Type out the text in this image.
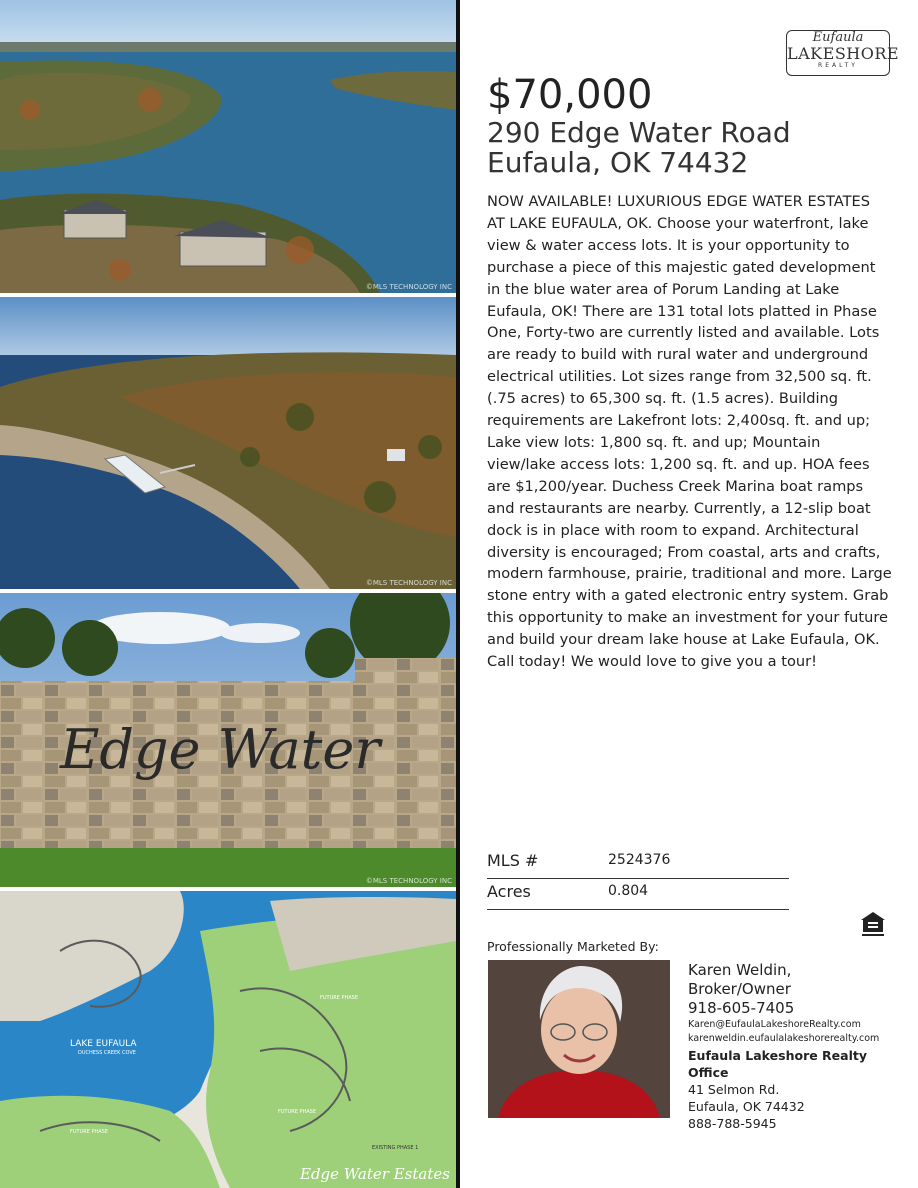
©MLS TECHNOLOGY INC
©MLS TECHNOLOGY INC
Edge Water
©MLS TECHNOLOGY INC
LAKE EUFAULA
DUCHESS CREEK COVE
FUTURE PHASE
FUTURE PHASE
FUTURE PHASE
EXISTING PHASE 1
Edge Water Estates
Eufaula
LAKESHORE
REALTY
$70,000
290 Edge Water Road
Eufaula, OK 74432
NOW AVAILABLE! LUXURIOUS EDGE WATER ESTATES AT LAKE EUFAULA, OK. Choose your waterfront, lake view & water access lots. It is your opportunity to purchase a piece of this majestic gated development in the blue water area of Porum Landing at Lake Eufaula, OK! There are 131 total lots platted in Phase One, Forty-two are currently listed and available. Lots are ready to build with rural water and underground electrical utilities. Lot sizes range from 32,500 sq. ft. (.75 acres) to 65,300 sq. ft. (1.5 acres). Building requirements are Lakefront lots: 2,400sq. ft. and up; Lake view lots: 1,800 sq. ft. and up; Mountain view/lake access lots: 1,200 sq. ft. and up. HOA fees are $1,200/year. Duchess Creek Marina boat ramps and restaurants are nearby. Currently, a 12-slip boat dock is in place with room to expand. Architectural diversity is encouraged; From coastal, arts and crafts, modern farmhouse, prairie, traditional and more. Large stone entry with a gated electronic entry system. Grab this opportunity to make an investment for your future and build your dream lake house at Lake Eufaula, OK. Call today! We would love to give you a tour!
MLS #	2524376
Acres	0.804
Professionally Marketed By:
Karen Weldin, Broker/Owner
918-605-7405
Karen@EufaulaLakeshoreRealty.com
karenweldin.eufaulalakeshorerealty.com
Eufaula Lakeshore Realty Office
41 Selmon Rd.
Eufaula, OK 74432
888-788-5945
